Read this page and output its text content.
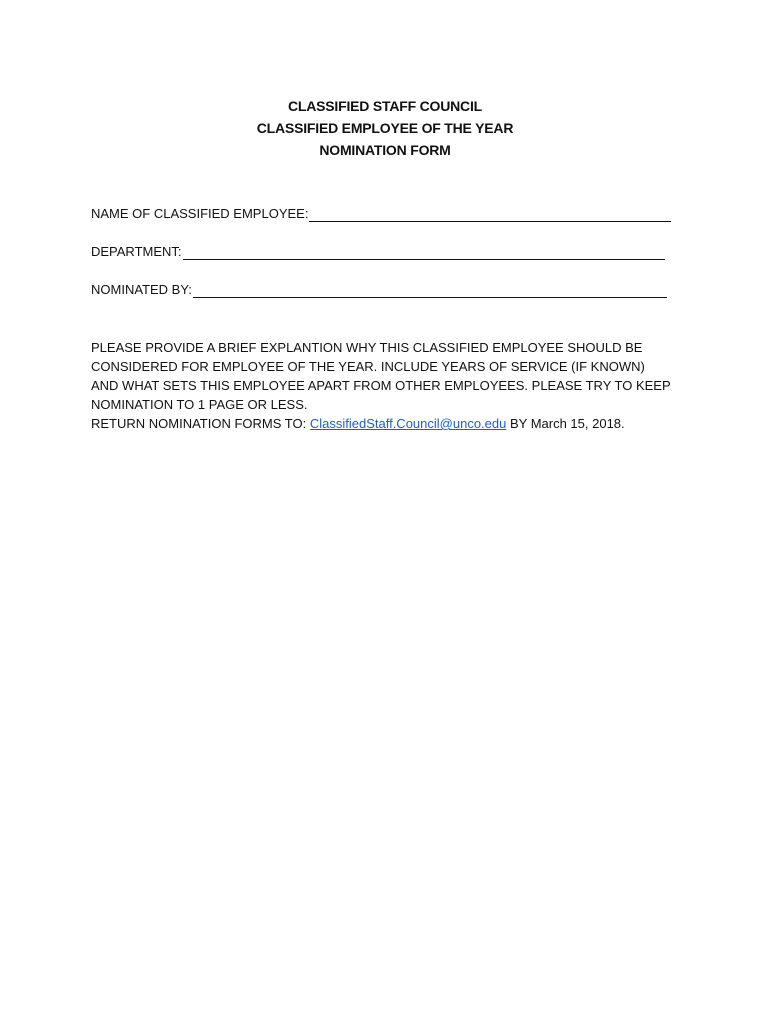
CLASSIFIED STAFF COUNCIL
CLASSIFIED EMPLOYEE OF THE YEAR
NOMINATION FORM
NAME OF CLASSIFIED EMPLOYEE:
DEPARTMENT:
NOMINATED BY:

PLEASE PROVIDE A BRIEF EXPLANTION WHY THIS CLASSIFIED EMPLOYEE SHOULD BE CONSIDERED FOR EMPLOYEE OF THE YEAR. INCLUDE YEARS OF SERVICE (IF KNOWN) AND WHAT SETS THIS EMPLOYEE APART FROM OTHER EMPLOYEES. PLEASE TRY TO KEEP NOMINATION TO 1 PAGE OR LESS.

RETURN NOMINATION FORMS TO: ClassifiedStaff.Council@unco.edu BY March 15, 2018.
